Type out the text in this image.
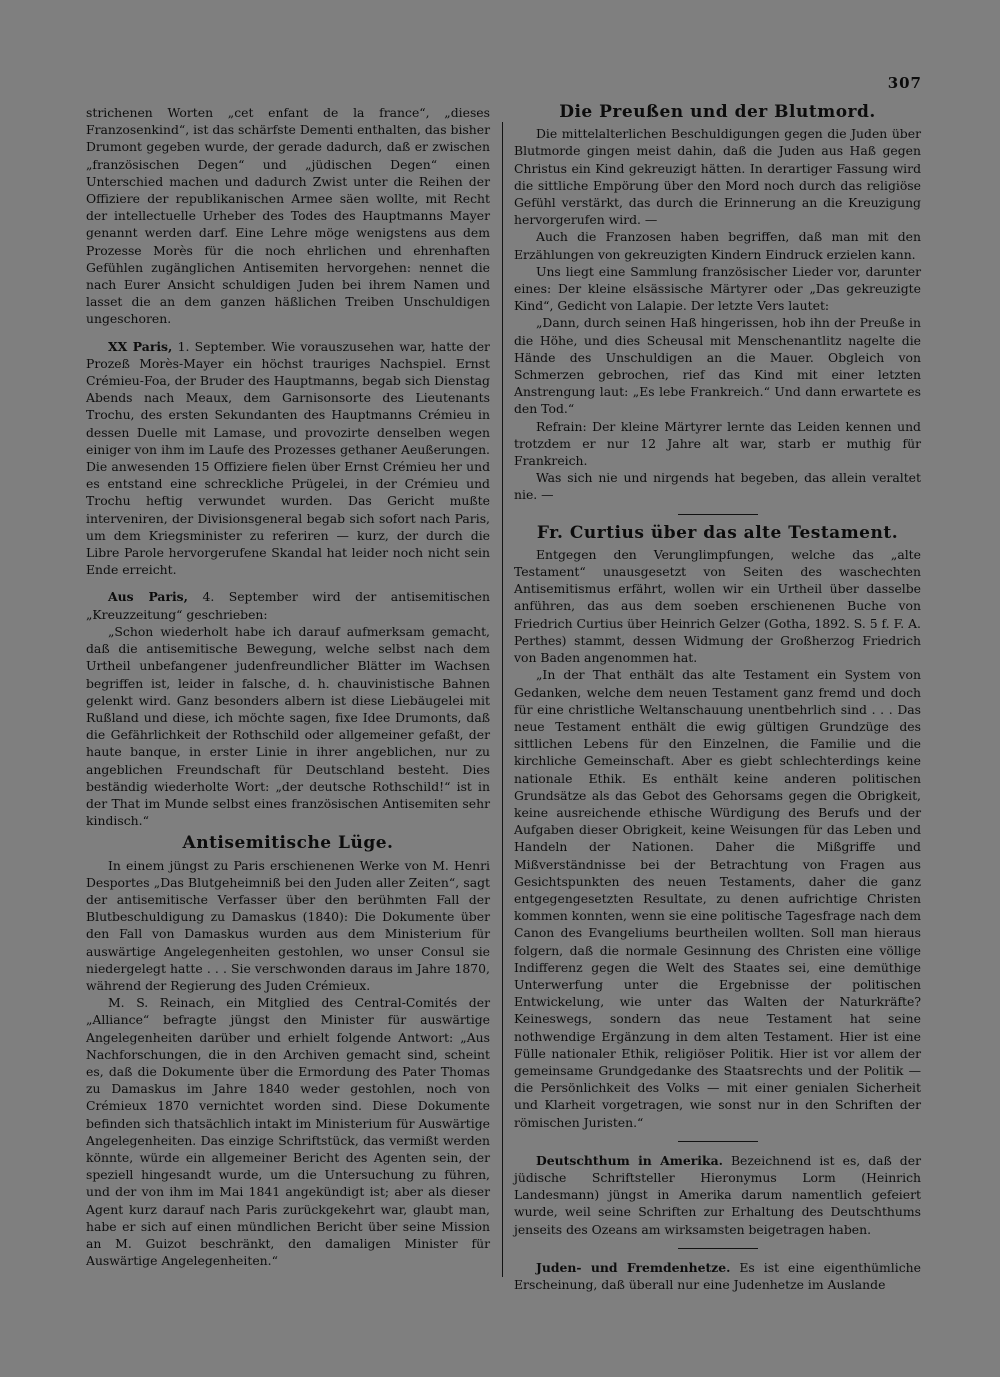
307

strichenen Worten „cet enfant de la france“, „dieses Franzosenkind“, ist das schärfste Dementi enthalten, das bisher Drumont gegeben wurde, der gerade dadurch, daß er zwischen „französischen Degen“ und „jüdischen Degen“ einen Unterschied machen und dadurch Zwist unter die Reihen der Offiziere der republikanischen Armee säen wollte, mit Recht der intellectuelle Urheber des Todes des Hauptmanns Mayer genannt werden darf. Eine Lehre möge wenigstens aus dem Prozesse Morès für die noch ehrlichen und ehrenhaften Gefühlen zugänglichen Antisemiten hervorgehen: nennet die nach Eurer Ansicht schuldigen Juden bei ihrem Namen und lasset die an dem ganzen häßlichen Treiben Unschuldigen ungeschoren.

XX Paris, 1. September. Wie vorauszusehen war, hatte der Prozeß Morès-Mayer ein höchst trauriges Nachspiel. Ernst Crémieu-Foa, der Bruder des Hauptmanns, begab sich Dienstag Abends nach Meaux, dem Garnisonsorte des Lieutenants Trochu, des ersten Sekundanten des Hauptmanns Crémieu in dessen Duelle mit Lamase, und provozirte denselben wegen einiger von ihm im Laufe des Prozesses gethaner Aeußerungen. Die anwesenden 15 Offiziere fielen über Ernst Crémieu her und es entstand eine schreckliche Prügelei, in der Crémieu und Trochu heftig verwundet wurden. Das Gericht mußte interveniren, der Divisionsgeneral begab sich sofort nach Paris, um dem Kriegsminister zu referiren — kurz, der durch die Libre Parole hervorgerufene Skandal hat leider noch nicht sein Ende erreicht.

Aus Paris, 4. September wird der antisemitischen „Kreuzzeitung“ geschrieben:

„Schon wiederholt habe ich darauf aufmerksam gemacht, daß die antisemitische Bewegung, welche selbst nach dem Urtheil unbefangener judenfreundlicher Blätter im Wachsen begriffen ist, leider in falsche, d. h. chauvinistische Bahnen gelenkt wird. Ganz besonders albern ist diese Liebäugelei mit Rußland und diese, ich möchte sagen, fixe Idee Drumonts, daß die Gefährlichkeit der Rothschild oder allgemeiner gefaßt, der haute banque, in erster Linie in ihrer angeblichen, nur zu angeblichen Freundschaft für Deutschland besteht. Dies beständig wiederholte Wort: „der deutsche Rothschild!“ ist in der That im Munde selbst eines französischen Antisemiten sehr kindisch.“

Antisemitische Lüge.

In einem jüngst zu Paris erschienenen Werke von M. Henri Desportes „Das Blutgeheimniß bei den Juden aller Zeiten“, sagt der antisemitische Verfasser über den berühmten Fall der Blutbeschuldigung zu Damaskus (1840): Die Dokumente über den Fall von Damaskus wurden aus dem Ministerium für auswärtige Angelegenheiten gestohlen, wo unser Consul sie niedergelegt hatte . . . Sie verschwonden daraus im Jahre 1870, während der Regierung des Juden Crémieux.

M. S. Reinach, ein Mitglied des Central-Comités der „Alliance“ befragte jüngst den Minister für auswärtige Angelegenheiten darüber und erhielt folgende Antwort: „Aus Nachforschungen, die in den Archiven gemacht sind, scheint es, daß die Dokumente über die Ermordung des Pater Thomas zu Damaskus im Jahre 1840 weder gestohlen, noch von Crémieux 1870 vernichtet worden sind. Diese Dokumente befinden sich thatsächlich intakt im Ministerium für Auswärtige Angelegenheiten. Das einzige Schriftstück, das vermißt werden könnte, würde ein allgemeiner Bericht des Agenten sein, der speziell hingesandt wurde, um die Untersuchung zu führen, und der von ihm im Mai 1841 angekündigt ist; aber als dieser Agent kurz darauf nach Paris zurückgekehrt war, glaubt man, habe er sich auf einen mündlichen Bericht über seine Mission an M. Guizot beschränkt, den damaligen Minister für Auswärtige Angelegenheiten.“

Die Preußen und der Blutmord.

Die mittelalterlichen Beschuldigungen gegen die Juden über Blutmorde gingen meist dahin, daß die Juden aus Haß gegen Christus ein Kind gekreuzigt hätten. In derartiger Fassung wird die sittliche Empörung über den Mord noch durch das religiöse Gefühl verstärkt, das durch die Erinnerung an die Kreuzigung hervorgerufen wird. —

Auch die Franzosen haben begriffen, daß man mit den Erzählungen von gekreuzigten Kindern Eindruck erzielen kann.

Uns liegt eine Sammlung französischer Lieder vor, darunter eines: Der kleine elsässische Märtyrer oder „Das gekreuzigte Kind“, Gedicht von Lalapie. Der letzte Vers lautet:

„Dann, durch seinen Haß hingerissen, hob ihn der Preuße in die Höhe, und dies Scheusal mit Menschenantlitz nagelte die Hände des Unschuldigen an die Mauer. Obgleich von Schmerzen gebrochen, rief das Kind mit einer letzten Anstrengung laut: „Es lebe Frankreich.“ Und dann erwartete es den Tod.“

Refrain: Der kleine Märtyrer lernte das Leiden kennen und trotzdem er nur 12 Jahre alt war, starb er muthig für Frankreich.

Was sich nie und nirgends hat begeben, das allein veraltet nie. —

Fr. Curtius über das alte Testament.

Entgegen den Verunglimpfungen, welche das „alte Testament“ unausgesetzt von Seiten des waschechten Antisemitismus erfährt, wollen wir ein Urtheil über dasselbe anführen, das aus dem soeben erschienenen Buche von Friedrich Curtius über Heinrich Gelzer (Gotha, 1892. S. 5 f. F. A. Perthes) stammt, dessen Widmung der Großherzog Friedrich von Baden angenommen hat.

„In der That enthält das alte Testament ein System von Gedanken, welche dem neuen Testament ganz fremd und doch für eine christliche Weltanschauung unentbehrlich sind . . . Das neue Testament enthält die ewig gültigen Grundzüge des sittlichen Lebens für den Einzelnen, die Familie und die kirchliche Gemeinschaft. Aber es giebt schlechterdings keine nationale Ethik. Es enthält keine anderen politischen Grundsätze als das Gebot des Gehorsams gegen die Obrigkeit, keine ausreichende ethische Würdigung des Berufs und der Aufgaben dieser Obrigkeit, keine Weisungen für das Leben und Handeln der Nationen. Daher die Mißgriffe und Mißverständnisse bei der Betrachtung von Fragen aus Gesichtspunkten des neuen Testaments, daher die ganz entgegengesetzten Resultate, zu denen aufrichtige Christen kommen konnten, wenn sie eine politische Tagesfrage nach dem Canon des Evangeliums beurtheilen wollten. Soll man hieraus folgern, daß die normale Gesinnung des Christen eine völlige Indifferenz gegen die Welt des Staates sei, eine demüthige Unterwerfung unter die Ergebnisse der politischen Entwickelung, wie unter das Walten der Naturkräfte? Keineswegs, sondern das neue Testament hat seine nothwendige Ergänzung in dem alten Testament. Hier ist eine Fülle nationaler Ethik, religiöser Politik. Hier ist vor allem der gemeinsame Grundgedanke des Staatsrechts und der Politik — die Persönlichkeit des Volks — mit einer genialen Sicherheit und Klarheit vorgetragen, wie sonst nur in den Schriften der römischen Juristen.“

Deutschthum in Amerika. Bezeichnend ist es, daß der jüdische Schriftsteller Hieronymus Lorm (Heinrich Landesmann) jüngst in Amerika darum namentlich gefeiert wurde, weil seine Schriften zur Erhaltung des Deutschthums jenseits des Ozeans am wirksamsten beigetragen haben.

Juden- und Fremdenhetze. Es ist eine eigenthümliche Erscheinung, daß überall nur eine Judenhetze im Auslande
